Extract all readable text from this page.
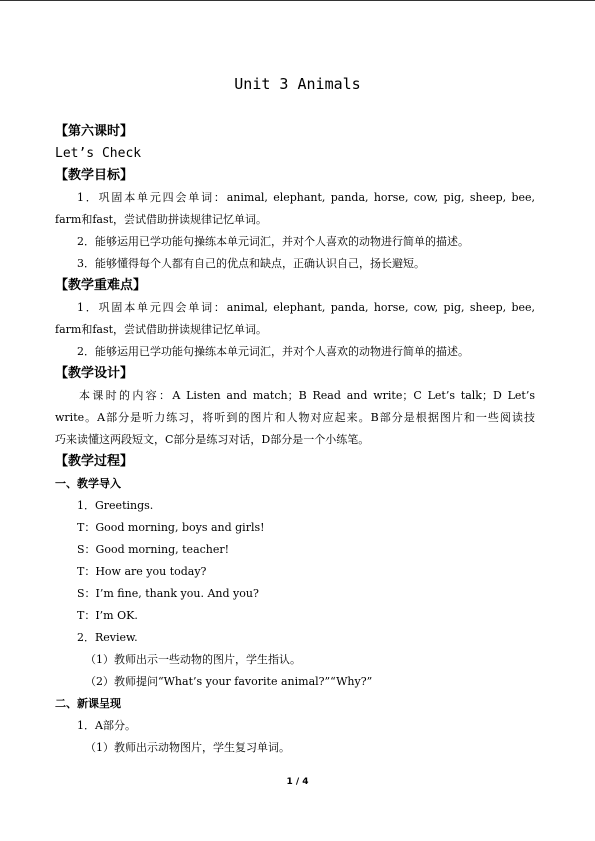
Unit 3 Animals
【第六课时】
Let’s Check
【教学目标】
1．巩固本单元四会单词：animal, elephant, panda, horse, cow, pig, sheep, bee,
farm和fast，尝试借助拼读规律记忆单词。
2．能够运用已学功能句操练本单元词汇，并对个人喜欢的动物进行简单的描述。
3．能够懂得每个人都有自己的优点和缺点，正确认识自己，扬长避短。
【教学重难点】
1．巩固本单元四会单词：animal, elephant, panda, horse, cow, pig, sheep, bee,
farm和fast，尝试借助拼读规律记忆单词。
2．能够运用已学功能句操练本单元词汇，并对个人喜欢的动物进行简单的描述。
【教学设计】
本课时的内容：A Listen and match；B Read and write；C Let’s talk；D Let’s
write。A部分是听力练习，将听到的图片和人物对应起来。B部分是根据图片和一些阅读技
巧来读懂这两段短文，C部分是练习对话，D部分是一个小练笔。
【教学过程】
一、教学导入
1．Greetings.
T：Good morning, boys and girls!
S：Good morning, teacher!
T：How are you today?
S：I’m fine, thank you. And you?
T：I’m OK.
2．Review.
（1）教师出示一些动物的图片，学生指认。
（2）教师提问“What’s your favorite animal?”“Why?”
二、新课呈现
1．A部分。
（1）教师出示动物图片，学生复习单词。
1 / 4
